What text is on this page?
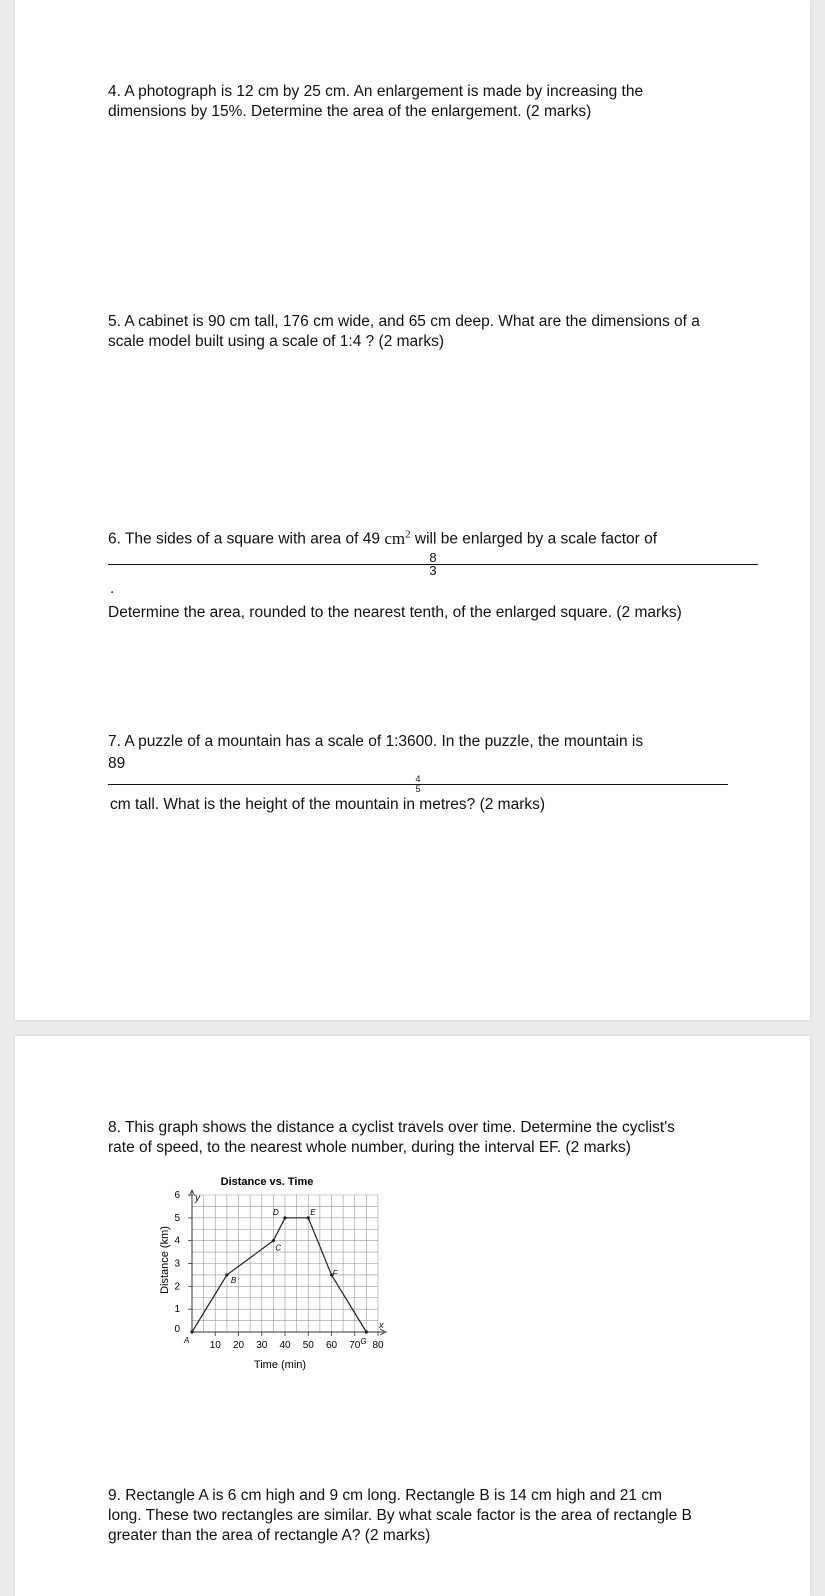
4. A photograph is 12 cm by 25 cm. An enlargement is made by increasing the
dimensions by 15%. Determine the area of the enlargement. (2 marks)

5. A cabinet is 90 cm tall, 176 cm wide, and 65 cm deep. What are the dimensions of a
scale model built using a scale of 1:4 ? (2 marks)

6. The sides of a square with area of 49 $cm^2$ will be enlarged by a scale factor of
8
3
.
Determine the area, rounded to the nearest tenth, of the enlarged square. (2 marks)

7. A puzzle of a mountain has a scale of 1:3600. In the puzzle, the mountain is
89
4
5
cm tall. What is the height of the mountain in metres? (2 marks)

8. This graph shows the distance a cyclist travels over time. Determine the cyclist's
rate of speed, to the nearest whole number, during the interval EF. (2 marks)

Distance vs. Time
Time (min)
Distance (km)
y
x
10 20 30 40 50 60 70 80
0
1
2
3
4
5
6
A
B
C
D	E
F
G

9. Rectangle A is 6 cm high and 9 cm long. Rectangle B is 14 cm high and 21 cm
long. These two rectangles are similar. By what scale factor is the area of rectangle B
greater than the area of rectangle A? (2 marks)
